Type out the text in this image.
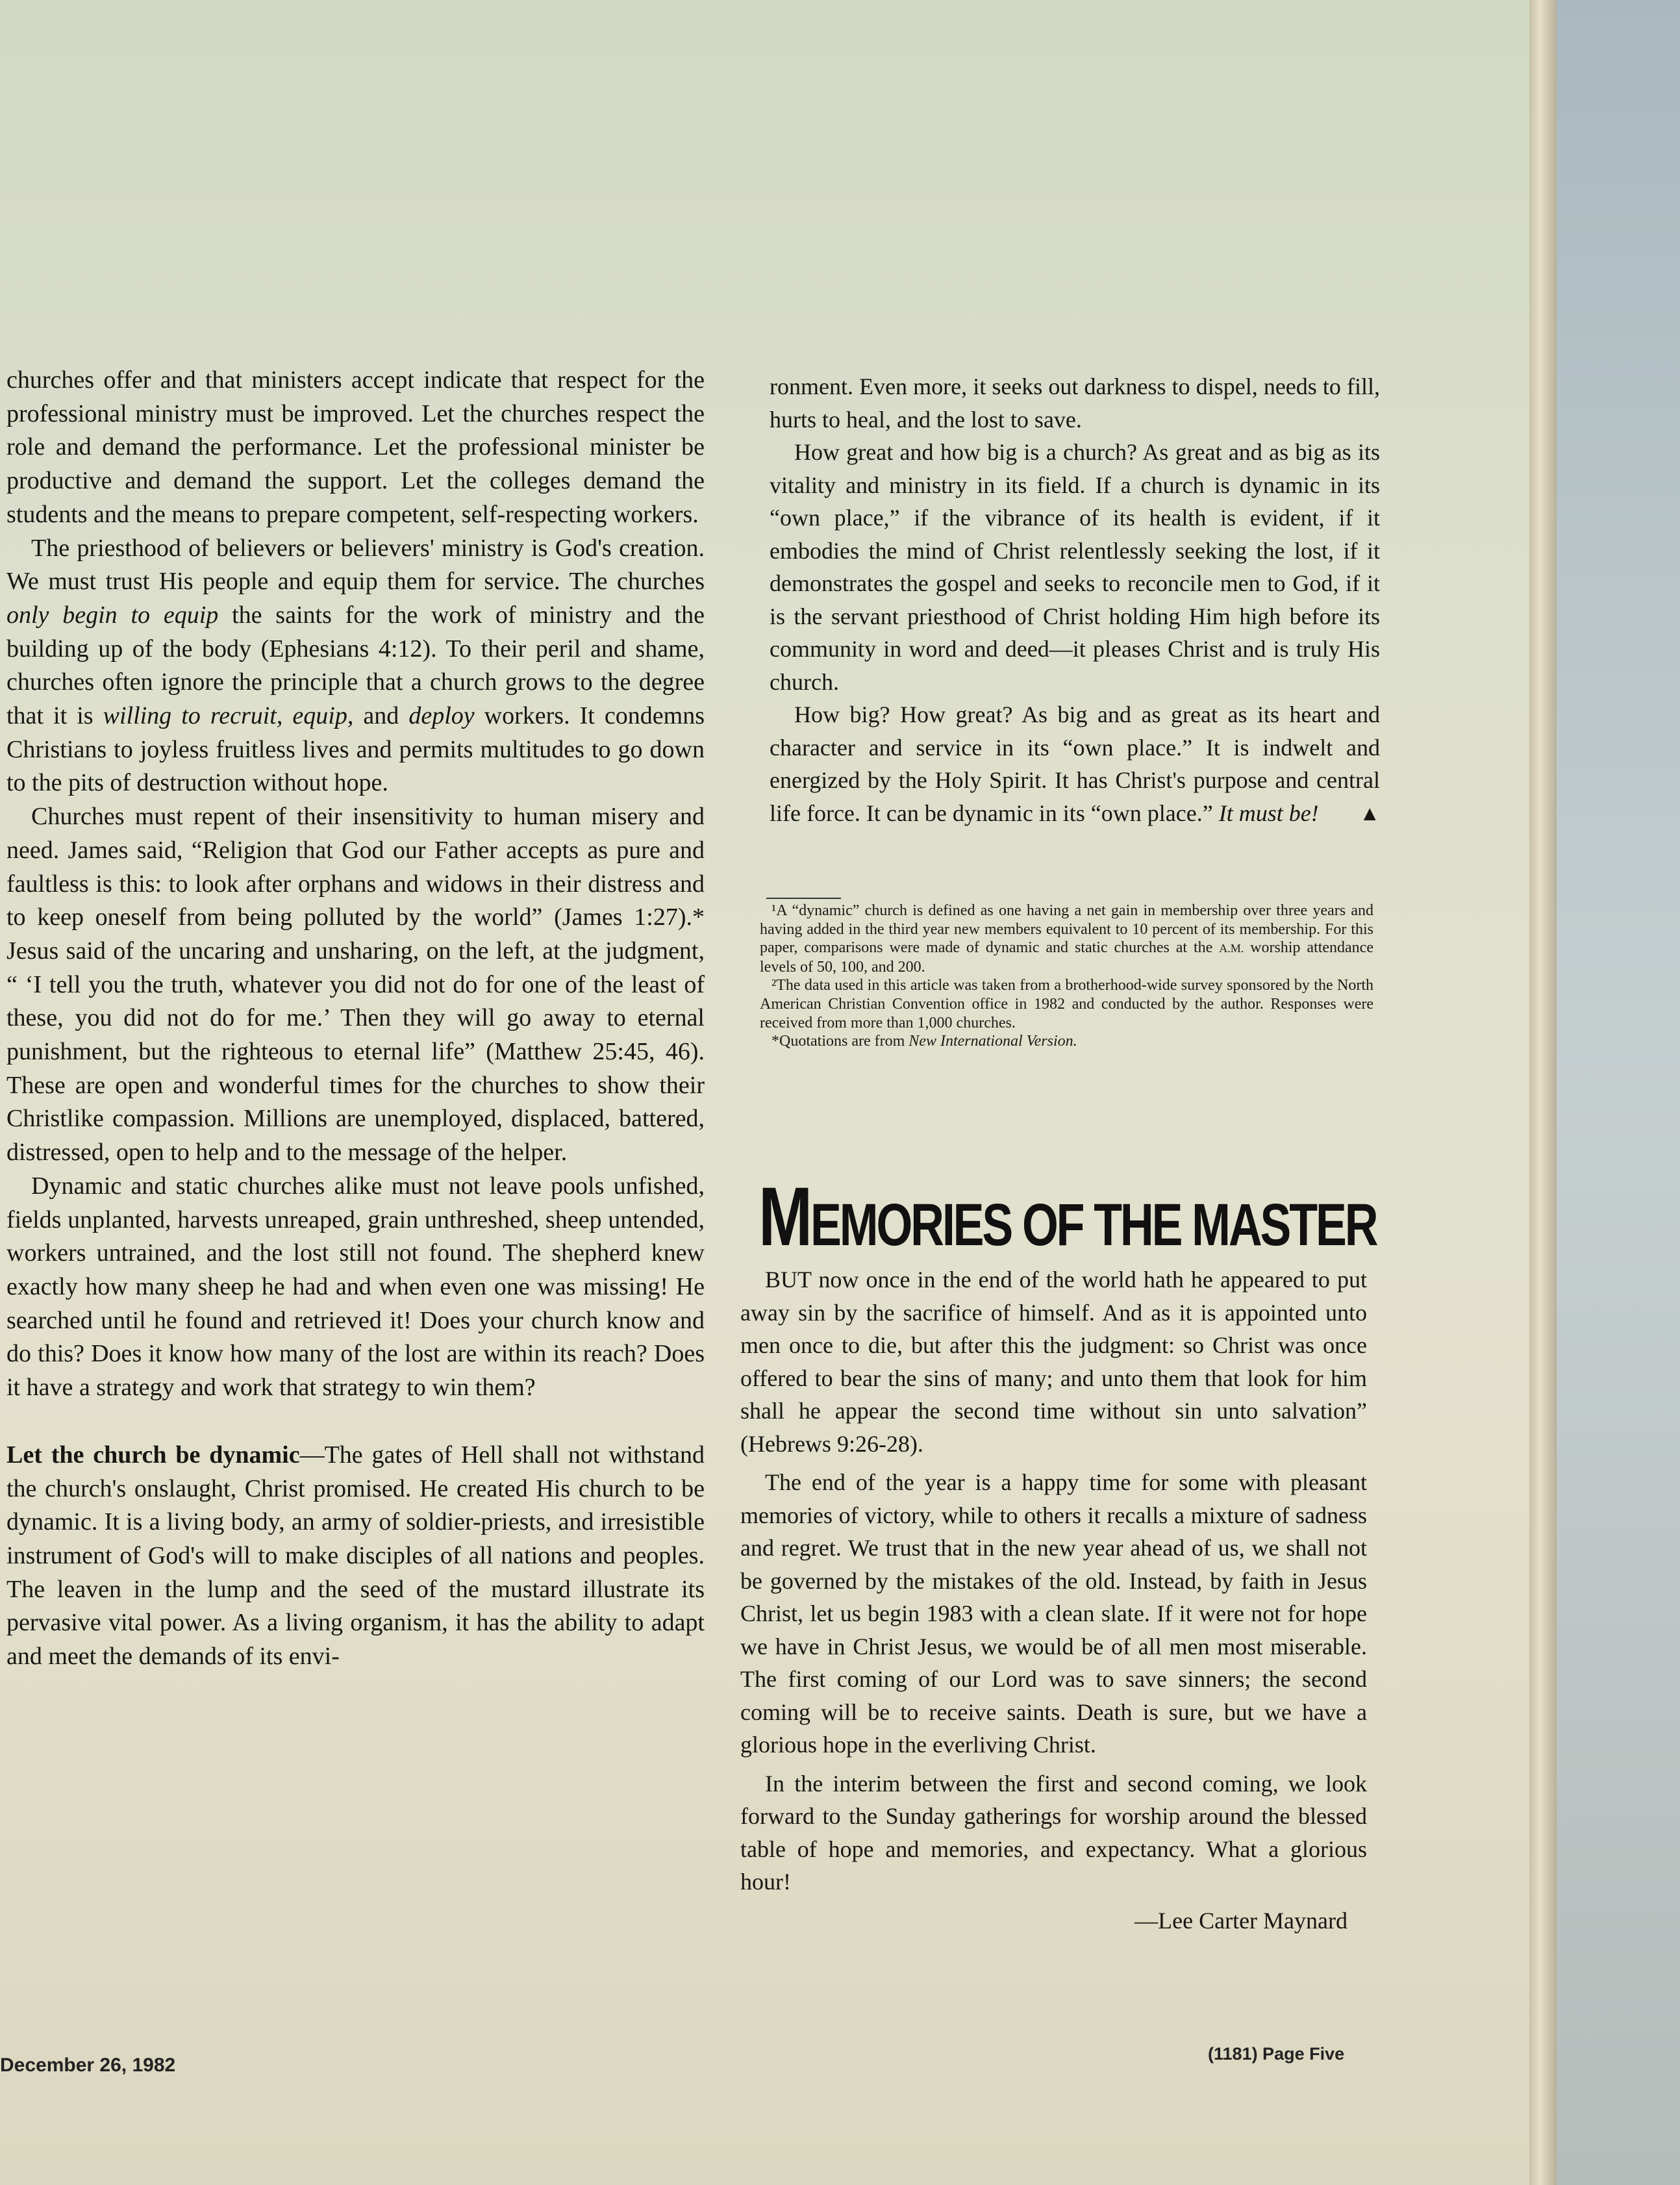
churches offer and that ministers accept indicate that respect for the professional ministry must be improved. Let the churches respect the role and demand the performance. Let the professional minister be productive and demand the support. Let the colleges demand the students and the means to prepare competent, self-respecting workers.

The priesthood of believers or believers' ministry is God's creation. We must trust His people and equip them for service. The churches only begin to equip the saints for the work of ministry and the building up of the body (Ephesians 4:12). To their peril and shame, churches often ignore the principle that a church grows to the degree that it is willing to recruit, equip, and deploy workers. It condemns Christians to joyless fruitless lives and permits multitudes to go down to the pits of destruction without hope.

Churches must repent of their insensitivity to human misery and need. James said, “Religion that God our Father accepts as pure and faultless is this: to look after orphans and widows in their distress and to keep oneself from being polluted by the world” (James 1:27).* Jesus said of the uncaring and unsharing, on the left, at the judgment, “ ‘I tell you the truth, whatever you did not do for one of the least of these, you did not do for me.’ Then they will go away to eternal punishment, but the righteous to eternal life” (Matthew 25:45, 46). These are open and wonderful times for the churches to show their Christlike compassion. Millions are unemployed, displaced, battered, distressed, open to help and to the message of the helper.

Dynamic and static churches alike must not leave pools unfished, fields unplanted, harvests unreaped, grain unthreshed, sheep untended, workers untrained, and the lost still not found. The shepherd knew exactly how many sheep he had and when even one was missing! He searched until he found and retrieved it! Does your church know and do this? Does it know how many of the lost are within its reach? Does it have a strategy and work that strategy to win them?

Let the church be dynamic—The gates of Hell shall not withstand the church's onslaught, Christ promised. He created His church to be dynamic. It is a living body, an army of soldier-priests, and irresistible instrument of God's will to make disciples of all nations and peoples. The leaven in the lump and the seed of the mustard illustrate its pervasive vital power. As a living organism, it has the ability to adapt and meet the demands of its envi-

ronment. Even more, it seeks out darkness to dispel, needs to fill, hurts to heal, and the lost to save.

How great and how big is a church? As great and as big as its vitality and ministry in its field. If a church is dynamic in its “own place,” if the vibrance of its health is evident, if it embodies the mind of Christ relentlessly seeking the lost, if it demonstrates the gospel and seeks to reconcile men to God, if it is the servant priesthood of Christ holding Him high before its community in word and deed—it pleases Christ and is truly His church.

How big? How great? As big and as great as its heart and character and service in its “own place.” It is indwelt and energized by the Holy Spirit. It has Christ's purpose and central life force. It can be dynamic in its “own place.” It must be!	▲

¹A “dynamic” church is defined as one having a net gain in membership over three years and having added in the third year new members equivalent to 10 percent of its membership. For this paper, comparisons were made of dynamic and static churches at the A.M. worship attendance levels of 50, 100, and 200.

²The data used in this article was taken from a brotherhood-wide survey sponsored by the North American Christian Convention office in 1982 and conducted by the author. Responses were received from more than 1,000 churches.

*Quotations are from New International Version.

MEMORIES OF THE MASTER

BUT now once in the end of the world hath he appeared to put away sin by the sacrifice of himself. And as it is appointed unto men once to die, but after this the judgment: so Christ was once offered to bear the sins of many; and unto them that look for him shall he appear the second time without sin unto salvation” (Hebrews 9:26-28).

The end of the year is a happy time for some with pleasant memories of victory, while to others it recalls a mixture of sadness and regret. We trust that in the new year ahead of us, we shall not be governed by the mistakes of the old. Instead, by faith in Jesus Christ, let us begin 1983 with a clean slate. If it were not for hope we have in Christ Jesus, we would be of all men most miserable. The first coming of our Lord was to save sinners; the second coming will be to receive saints. Death is sure, but we have a glorious hope in the everliving Christ.

In the interim between the first and second coming, we look forward to the Sunday gatherings for worship around the blessed table of hope and memories, and expectancy. What a glorious hour!

—Lee Carter Maynard

December 26, 1982
(1181) Page Five
